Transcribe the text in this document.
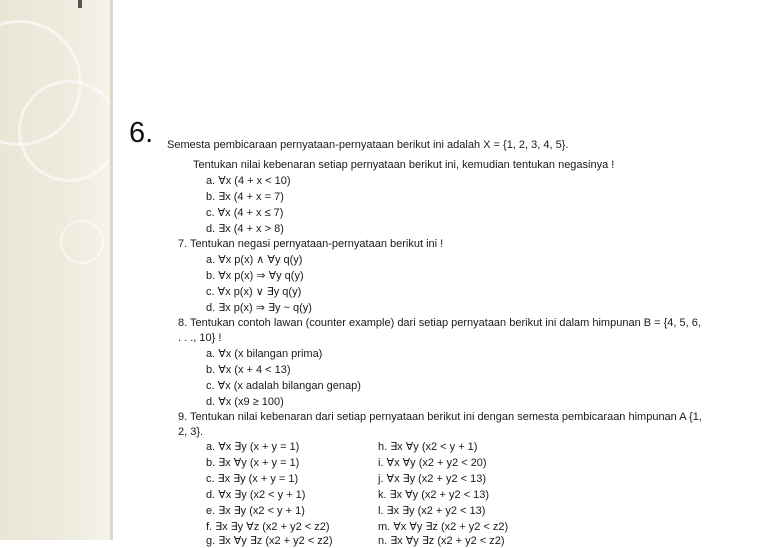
6. Semesta pembicaraan pernyataan-pernyataan berikut ini adalah X = {1, 2, 3, 4, 5}.
Tentukan nilai kebenaran setiap pernyataan berikut ini, kemudian tentukan negasinya !
a. ∀x (4 + x < 10)
b. ∃x (4 + x = 7)
c. ∀x (4 + x ≤ 7)
d. ∃x (4 + x > 8)
7. Tentukan negasi pernyataan-pernyataan berikut ini !
a. ∀x p(x) ∧ ∀y q(y)
b. ∀x p(x) ⇒ ∀y q(y)
c. ∀x p(x) ∨ ∃y q(y)
d. ∃x p(x) ⇒ ∃y ~ q(y)
8. Tentukan contoh lawan (counter example) dari setiap pernyataan berikut ini dalam himpunan B = {4, 5, 6,
. . ., 10} !
a. ∀x (x bilangan prima)
b. ∀x (x + 4 < 13)
c. ∀x (x adalah bilangan genap)
d. ∀x (x9 ≥ 100)
9. Tentukan nilai kebenaran dari setiap pernyataan berikut ini dengan semesta pembicaraan himpunan A {1,
2, 3}.
a. ∀x ∃y (x + y = 1)
b. ∃x ∀y (x + y = 1)
c. ∃x ∃y (x + y = 1)
d. ∀x ∃y (x2 < y + 1)
e. ∃x ∃y (x2 < y + 1)
f. ∃x ∃y ∀z (x2 + y2 < z2)
g. ∃x ∀y ∃z (x2 + y2 < z2)
h. ∃x ∀y (x2 < y + 1)
i. ∀x ∀y (x2 + y2 < 20)
j. ∀x ∃y (x2 + y2 < 13)
k. ∃x ∀y (x2 + y2 < 13)
l. ∃x ∃y (x2 + y2 < 13)
m. ∀x ∀y ∃z (x2 + y2 < z2)
n. ∃x ∀y ∃z (x2 + y2 < z2)
